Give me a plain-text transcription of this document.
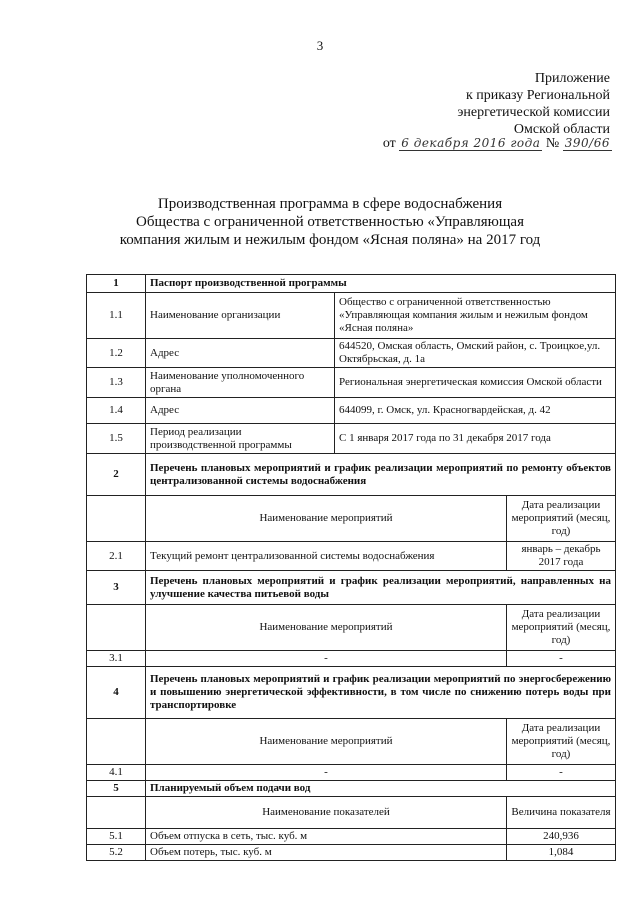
3
Приложение
к приказу Региональной
энергетической комиссии
Омской области
от 6 декабря 2016 года № 390/66
Производственная программа в сфере водоснабжения
Общества с ограниченной ответственностью «Управляющая
компания жилым и нежилым фондом «Ясная поляна» на 2017 год
1	Паспорт производственной программы		
1.1	Наименование организации	Общество с ограниченной ответственностью «Управляющая компания жилым и нежилым фондом «Ясная поляна»	
1.2	Адрес	644520, Омская область, Омский район, с. Троицкое,ул. Октябрьская, д. 1а	
1.3	Наименование уполномоченного органа	Региональная энергетическая комиссия Омской области	
1.4	Адрес	644099, г. Омск, ул. Красногвардейская, д. 42	
1.5	Период реализации производственной программы	С 1 января 2017 года по 31 декабря 2017 года	
2	Перечень плановых мероприятий и график реализации мероприятий по ремонту объектов централизованной системы водоснабжения		
	Наименование мероприятий		Дата реализации мероприятий (месяц, год)
2.1	Текущий ремонт централизованной системы водоснабжения		январь – декабрь 2017 года
3	Перечень плановых мероприятий и график реализации мероприятий, направленных на улучшение качества питьевой воды		
	Наименование мероприятий		Дата реализации мероприятий (месяц, год)
3.1	-		-
4	Перечень плановых мероприятий и график реализации мероприятий по энергосбережению и повышению энергетической эффективности, в том числе по снижению потерь воды при транспортировке		
	Наименование мероприятий		Дата реализации мероприятий (месяц, год)
4.1	-		-
5	Планируемый объем подачи вод		
	Наименование показателей		Величина показателя
5.1	Объем отпуска в сеть, тыс. куб. м		240,936
5.2	Объем потерь, тыс. куб. м		1,084
